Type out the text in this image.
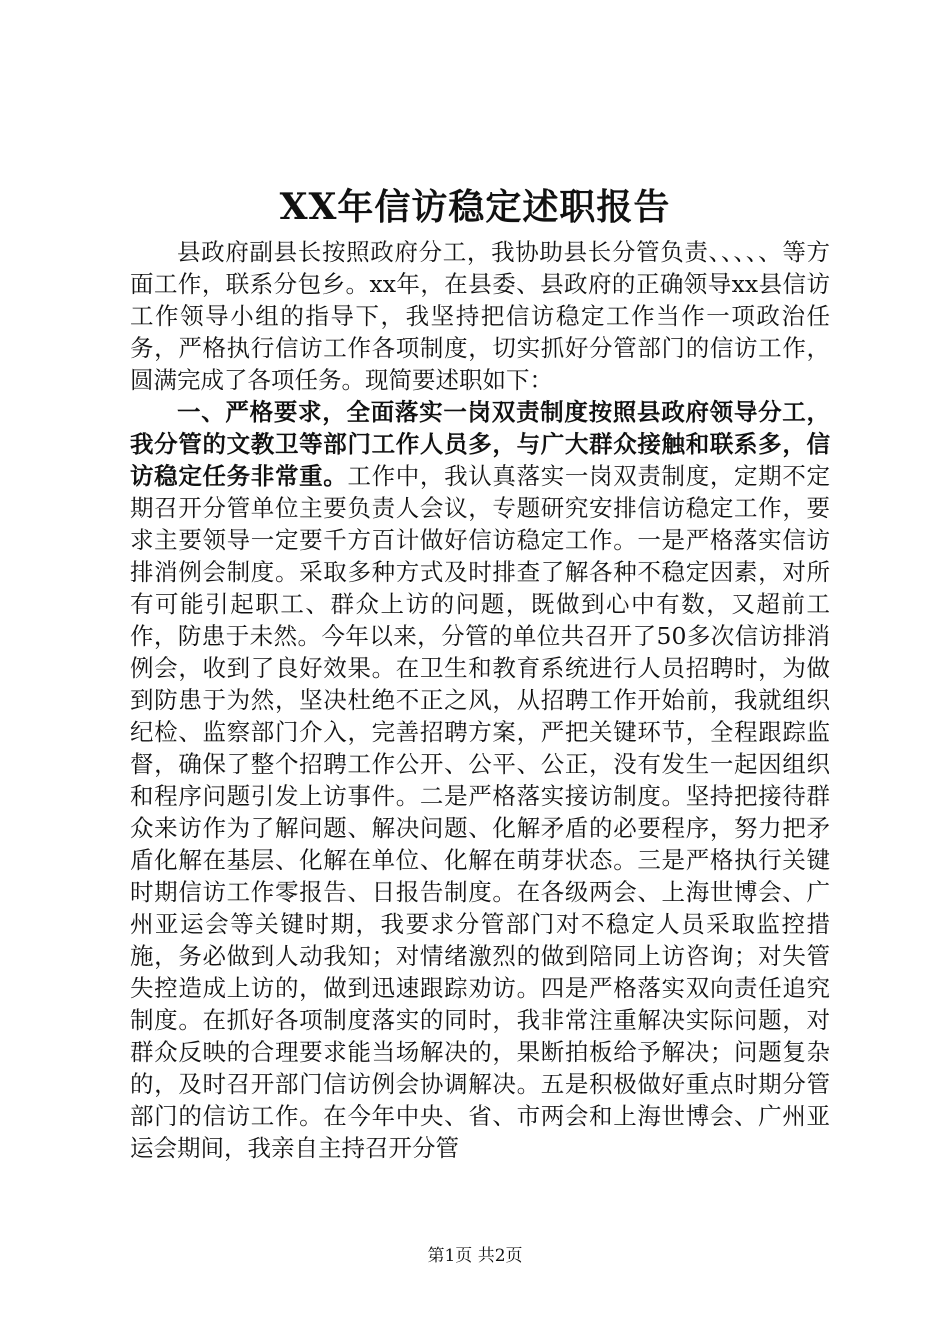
XX年信访稳定述职报告

县政府副县长按照政府分工，我协助县长分管负责、、、、、等方面工作，联系分包乡。xx年，在县委、县政府的正确领导xx县信访工作领导小组的指导下，我坚持把信访稳定工作当作一项政治任务，严格执行信访工作各项制度，切实抓好分管部门的信访工作，圆满完成了各项任务。现简要述职如下：

一、严格要求，全面落实一岗双责制度按照县政府领导分工，我分管的文教卫等部门工作人员多，与广大群众接触和联系多，信访稳定任务非常重。工作中，我认真落实一岗双责制度，定期不定期召开分管单位主要负责人会议，专题研究安排信访稳定工作，要求主要领导一定要千方百计做好信访稳定工作。一是严格落实信访排消例会制度。采取多种方式及时排查了解各种不稳定因素，对所有可能引起职工、群众上访的问题，既做到心中有数，又超前工作，防患于未然。今年以来，分管的单位共召开了50多次信访排消例会，收到了良好效果。在卫生和教育系统进行人员招聘时，为做到防患于为然，坚决杜绝不正之风，从招聘工作开始前，我就组织纪检、监察部门介入，完善招聘方案，严把关键环节，全程跟踪监督，确保了整个招聘工作公开、公平、公正，没有发生一起因组织和程序问题引发上访事件。二是严格落实接访制度。坚持把接待群众来访作为了解问题、解决问题、化解矛盾的必要程序，努力把矛盾化解在基层、化解在单位、化解在萌芽状态。三是严格执行关键时期信访工作零报告、日报告制度。在各级两会、上海世博会、广州亚运会等关键时期，我要求分管部门对不稳定人员采取监控措施，务必做到人动我知；对情绪激烈的做到陪同上访咨询；对失管失控造成上访的，做到迅速跟踪劝访。四是严格落实双向责任追究制度。在抓好各项制度落实的同时，我非常注重解决实际问题，对群众反映的合理要求能当场解决的，果断拍板给予解决；问题复杂的，及时召开部门信访例会协调解决。五是积极做好重点时期分管部门的信访工作。在今年中央、省、市两会和上海世博会、广州亚运会期间，我亲自主持召开分管

第1页 共2页
